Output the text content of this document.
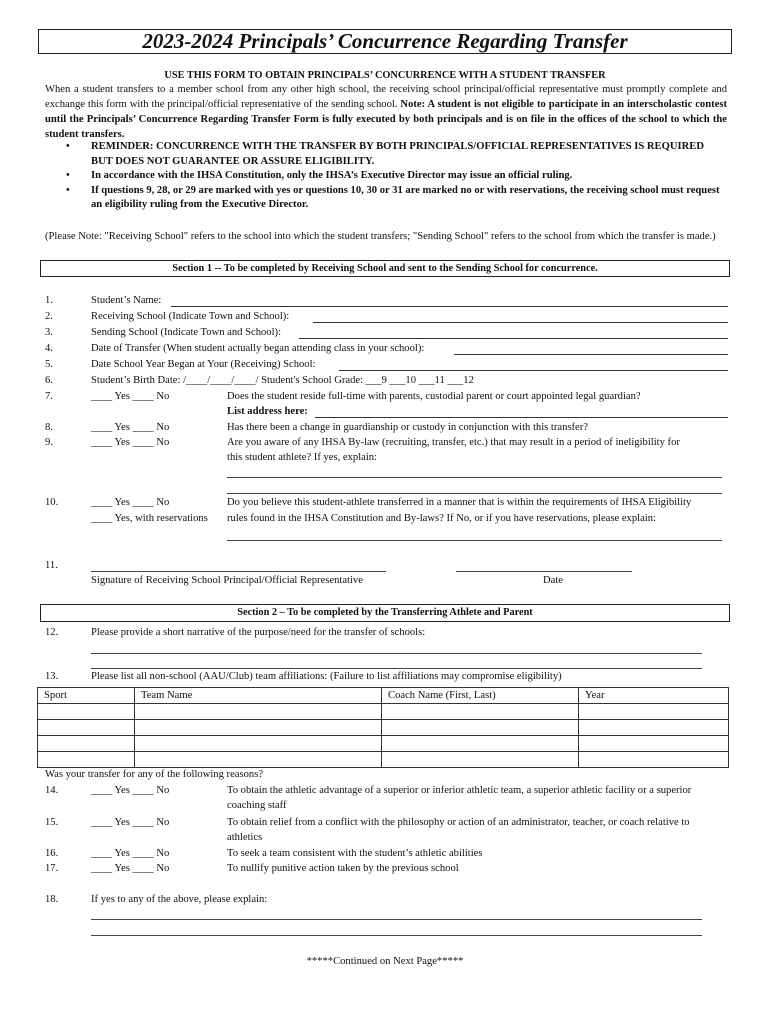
2023-2024 Principals’ Concurrence Regarding Transfer
USE THIS FORM TO OBTAIN PRINCIPALS’ CONCURRENCE WITH A STUDENT TRANSFER
When a student transfers to a member school from any other high school, the receiving school principal/official representative must promptly complete and exchange this form with the principal/official representative of the sending school. Note: A student is not eligible to participate in an interscholastic contest until the Principals’ Concurrence Regarding Transfer Form is fully executed by both principals and is on file in the offices of the school to which the student transfers.
•	REMINDER: CONCURRENCE WITH THE TRANSFER BY BOTH PRINCIPALS/OFFICIAL REPRESENTATIVES IS REQUIRED BUT DOES NOT GUARANTEE OR ASSURE ELIGIBILITY.
•	In accordance with the IHSA Constitution, only the IHSA’s Executive Director may issue an official ruling.
•	If questions 9, 28, or 29 are marked with yes or questions 10, 30 or 31 are marked no or with reservations, the receiving school must request an eligibility ruling from the Executive Director.
(Please Note: "Receiving School" refers to the school into which the student transfers; "Sending School" refers to the school from which the transfer is made.)
Section 1 -- To be completed by Receiving School and sent to the Sending School for concurrence.
1.	Student’s Name:
2.	Receiving School (Indicate Town and School):
3.	Sending School (Indicate Town and School):
4.	Date of Transfer (When student actually began attending class in your school):
5.	Date School Year Began at Your (Receiving) School:
6.	Student’s Birth Date: /____/____/____/ Student's School Grade: ___9 ___10 ___11 ___12
7.	____ Yes ____ No	Does the student reside full-time with parents, custodial parent or court appointed legal guardian?
List address here:
8.	____ Yes ____ No	Has there been a change in guardianship or custody in conjunction with this transfer?
9.	____ Yes ____ No	Are you aware of any IHSA By-law (recruiting, transfer, etc.) that may result in a period of ineligibility for
this student athlete? If yes, explain:
10.	____ Yes ____ No	Do you believe this student-athlete transferred in a manner that is within the requirements of IHSA Eligibility
____ Yes, with reservations rules found in the IHSA Constitution and By-laws? If No, or if you have reservations, please explain:
11.
Signature of Receiving School Principal/Official Representative	Date
Section 2 – To be completed by the Transferring Athlete and Parent
12.	Please provide a short narrative of the purpose/need for the transfer of schools:
13.	Please list all non-school (AAU/Club) team affiliations: (Failure to list affiliations may compromise eligibility)
Sport	Team Name	Coach Name (First, Last)	Year

Was your transfer for any of the following reasons?
14.	____ Yes ____ No	To obtain the athletic advantage of a superior or inferior athletic team, a superior athletic facility or a superior
coaching staff
15.	____ Yes ____ No	To obtain relief from a conflict with the philosophy or action of an administrator, teacher, or coach relative to
athletics
16.	____ Yes ____ No	To seek a team consistent with the student’s athletic abilities
17.	____ Yes ____ No	To nullify punitive action taken by the previous school
18.	If yes to any of the above, please explain:
*****Continued on Next Page*****
